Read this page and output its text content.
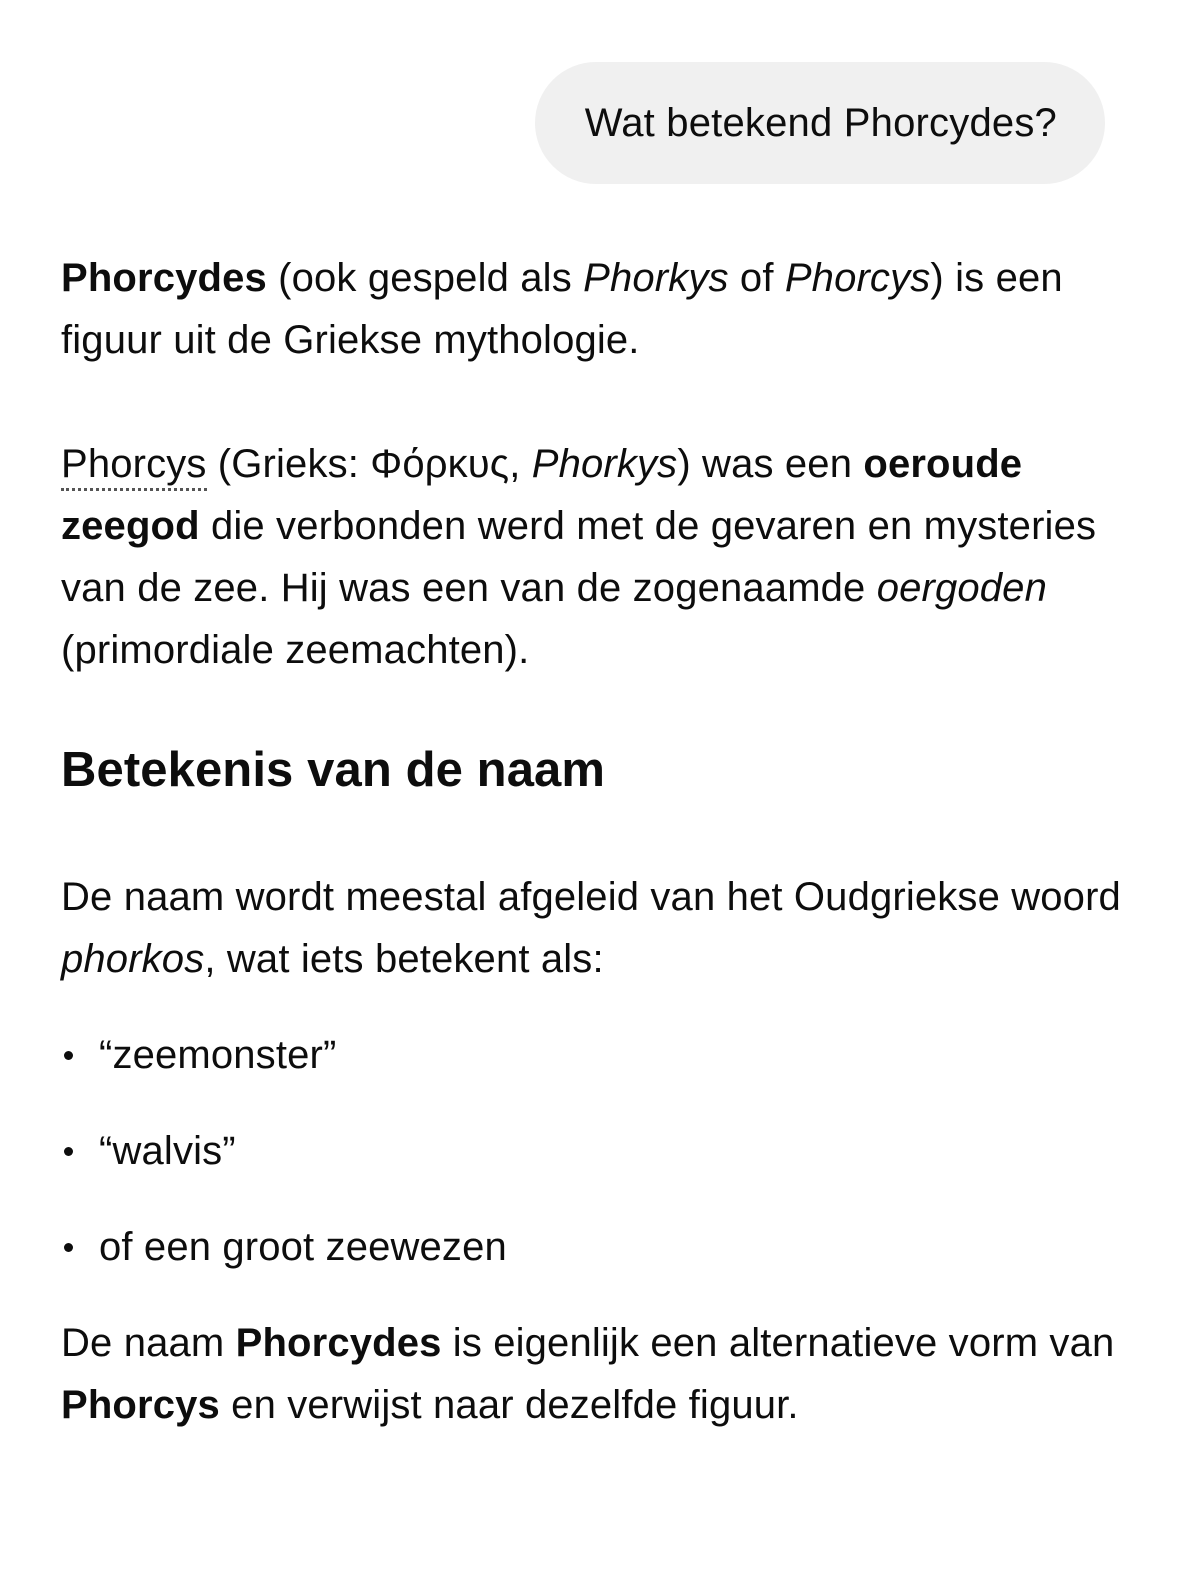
Wat betekend Phorcydes?

Phorcydes (ook gespeld als Phorkys of Phorcys) is een figuur uit de Griekse mythologie.

Phorcys (Grieks: Φόρκυς, Phorkys) was een oeroude zeegod die verbonden werd met de gevaren en mysteries van de zee. Hij was een van de zogenaamde oergoden (primordiale zeemachten).

Betekenis van de naam

De naam wordt meestal afgeleid van het Oudgriekse woord phorkos, wat iets betekent als:

“zeemonster”
“walvis”
of een groot zeewezen

De naam Phorcydes is eigenlijk een alternatieve vorm van Phorcys en verwijst naar dezelfde figuur.
